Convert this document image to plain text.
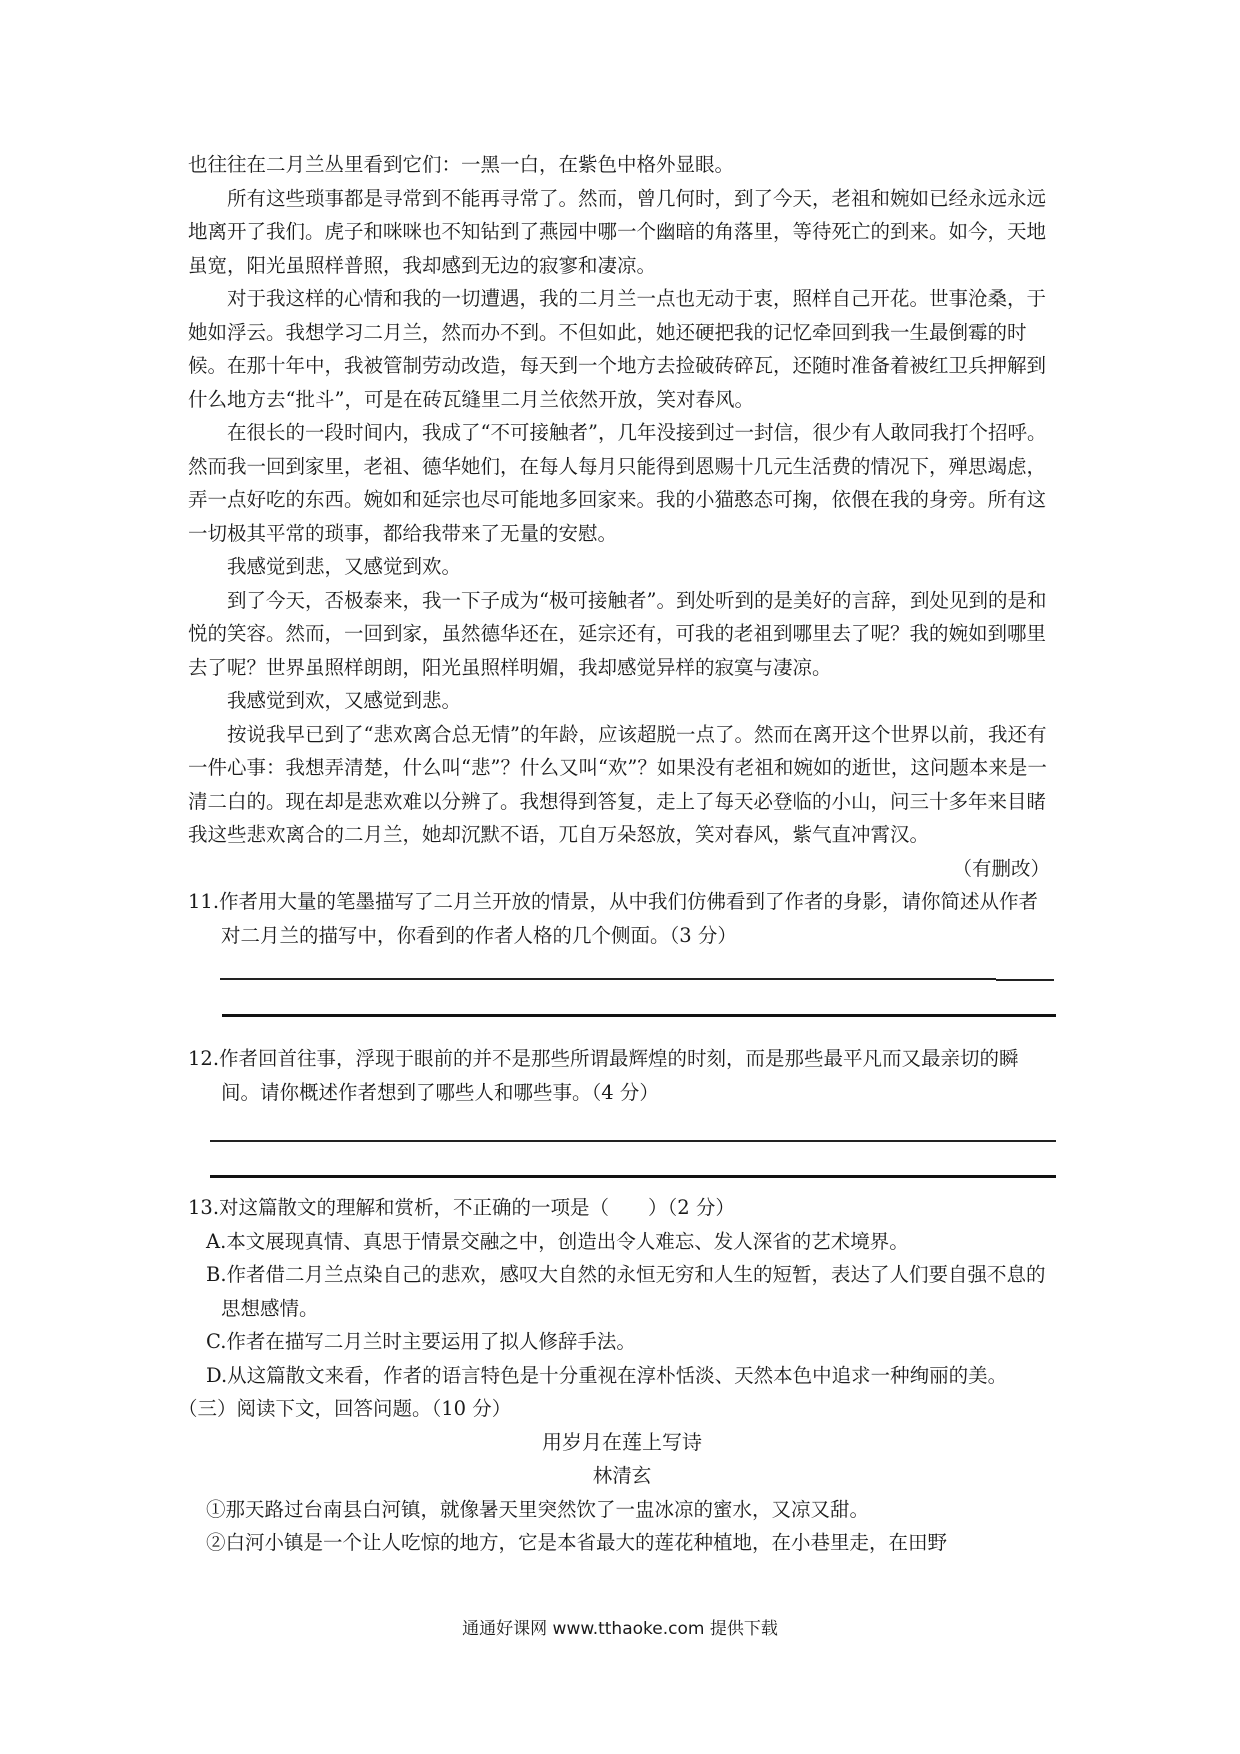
也往往在二月兰丛里看到它们：一黑一白，在紫色中格外显眼。

所有这些琐事都是寻常到不能再寻常了。然而，曾几何时，到了今天，老祖和婉如已经永远永远地离开了我们。虎子和咪咪也不知钻到了燕园中哪一个幽暗的角落里，等待死亡的到来。如今，天地虽宽，阳光虽照样普照，我却感到无边的寂寥和凄凉。

对于我这样的心情和我的一切遭遇，我的二月兰一点也无动于衷，照样自己开花。世事沧桑，于她如浮云。我想学习二月兰，然而办不到。不但如此，她还硬把我的记忆牵回到我一生最倒霉的时候。在那十年中，我被管制劳动改造，每天到一个地方去捡破砖碎瓦，还随时准备着被红卫兵押解到什么地方去“批斗”，可是在砖瓦缝里二月兰依然开放，笑对春风。

在很长的一段时间内，我成了“不可接触者”，几年没接到过一封信，很少有人敢同我打个招呼。然而我一回到家里，老祖、德华她们，在每人每月只能得到恩赐十几元生活费的情况下，殚思竭虑，弄一点好吃的东西。婉如和延宗也尽可能地多回家来。我的小猫憨态可掬，依偎在我的身旁。所有这一切极其平常的琐事，都给我带来了无量的安慰。

我感觉到悲，又感觉到欢。

到了今天，否极泰来，我一下子成为“极可接触者”。到处听到的是美好的言辞，到处见到的是和悦的笑容。然而，一回到家，虽然德华还在，延宗还有，可我的老祖到哪里去了呢？我的婉如到哪里去了呢？世界虽照样朗朗，阳光虽照样明媚，我却感觉异样的寂寞与凄凉。

我感觉到欢，又感觉到悲。

按说我早已到了“悲欢离合总无情”的年龄，应该超脱一点了。然而在离开这个世界以前，我还有一件心事：我想弄清楚，什么叫“悲”？什么又叫“欢”？如果没有老祖和婉如的逝世，这问题本来是一清二白的。现在却是悲欢难以分辨了。我想得到答复，走上了每天必登临的小山，问三十多年来目睹我这些悲欢离合的二月兰，她却沉默不语，兀自万朵怒放，笑对春风，紫气直冲霄汉。

（有删改）

11.作者用大量的笔墨描写了二月兰开放的情景，从中我们仿佛看到了作者的身影，请你简述从作者对二月兰的描写中，你看到的作者人格的几个侧面。（3 分）

12.作者回首往事，浮现于眼前的并不是那些所谓最辉煌的时刻，而是那些最平凡而又最亲切的瞬间。请你概述作者想到了哪些人和哪些事。（4 分）

13.对这篇散文的理解和赏析，不正确的一项是（　　）（2 分）

A.本文展现真情、真思于情景交融之中，创造出令人难忘、发人深省的艺术境界。

B.作者借二月兰点染自己的悲欢，感叹大自然的永恒无穷和人生的短暂，表达了人们要自强不息的思想感情。

C.作者在描写二月兰时主要运用了拟人修辞手法。

D.从这篇散文来看，作者的语言特色是十分重视在淳朴恬淡、天然本色中追求一种绚丽的美。

（三）阅读下文，回答问题。（10 分）

用岁月在莲上写诗

林清玄

①那天路过台南县白河镇，就像暑天里突然饮了一盅冰凉的蜜水，又凉又甜。

②白河小镇是一个让人吃惊的地方，它是本省最大的莲花种植地，在小巷里走，在田野

通通好课网 www.tthaoke.com 提供下载
